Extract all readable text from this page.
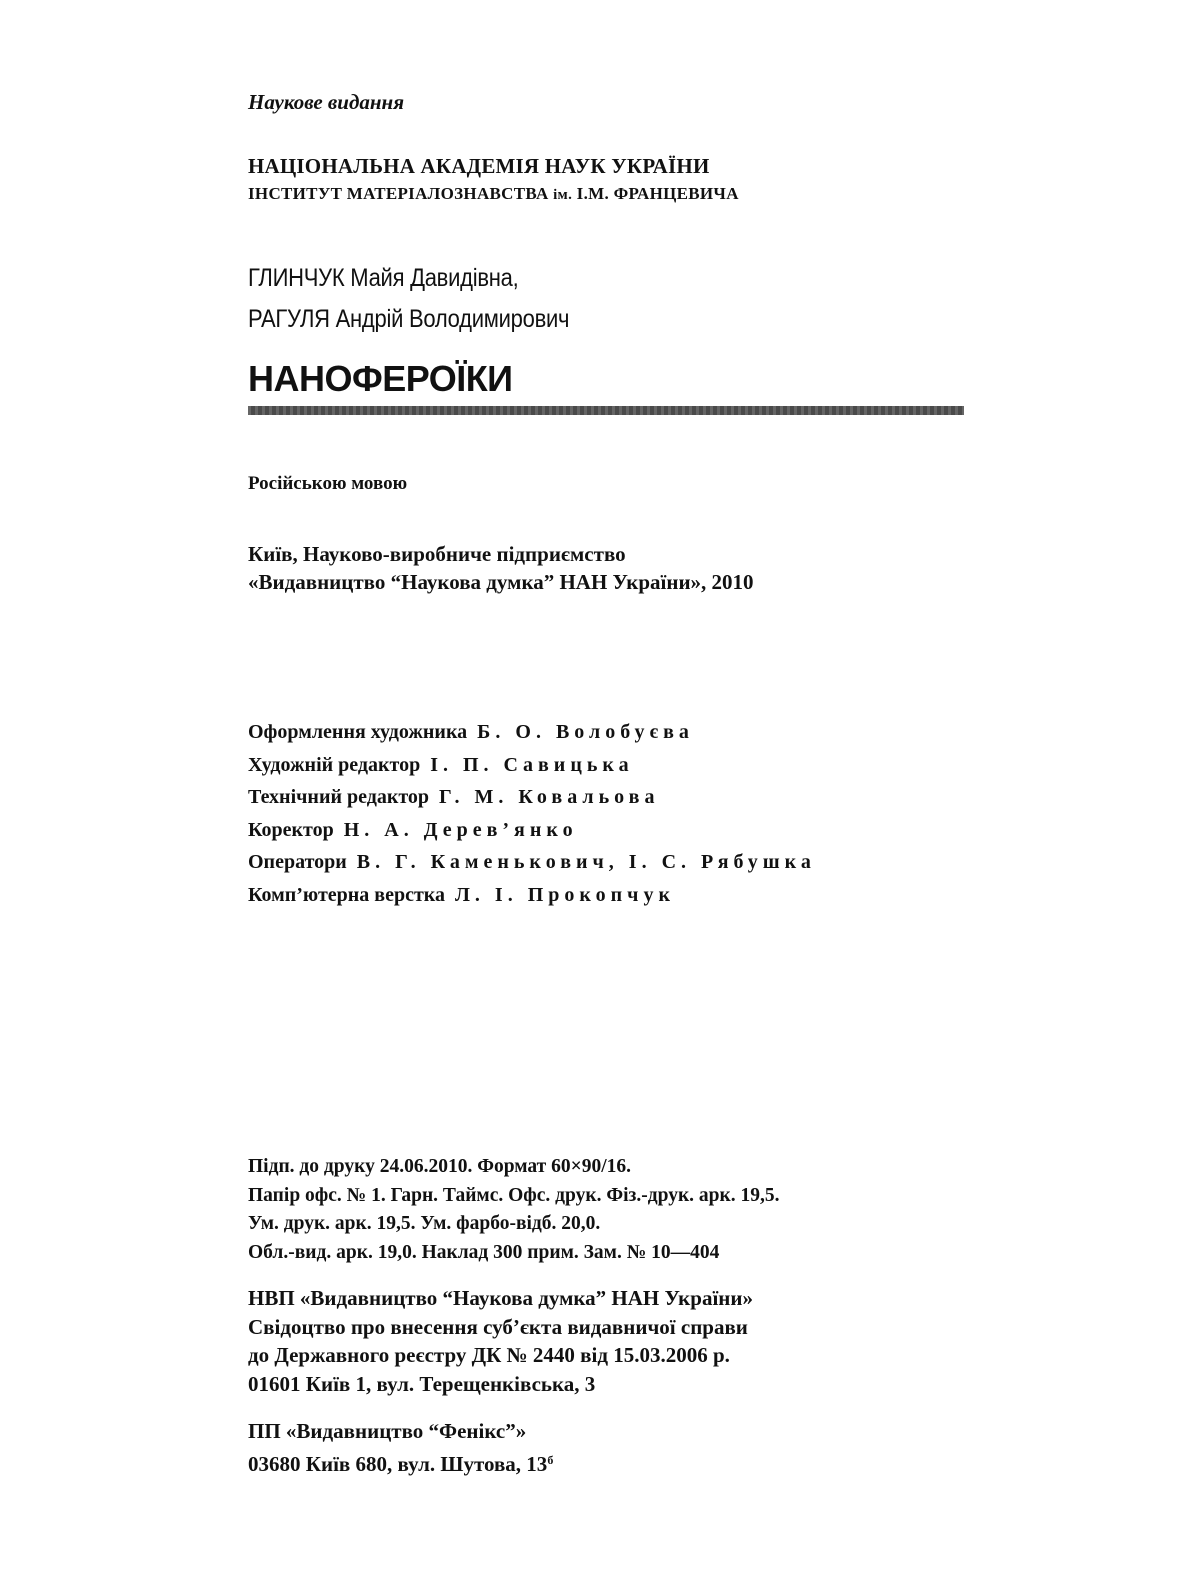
Наукове видання
НАЦІОНАЛЬНА АКАДЕМІЯ НАУК УКРАЇНИ
ІНСТИТУТ МАТЕРІАЛОЗНАВСТВА ім. І.М. ФРАНЦЕВИЧА
ГЛИНЧУК Майя Давидівна,
РАГУЛЯ Андрій Володимирович
НАНОФЕРОЇКИ
Російською мовою
Київ, Науково-виробниче підприємство
«Видавництво “Наукова думка” НАН України», 2010
Оформлення художника Б. О. Волобуєва
Художній редактор І. П. Савицька
Технічний редактор Г. М. Ковальова
Коректор Н. А. Дерев’янко
Оператори В. Г. Каменькович, І. С. Рябушка
Комп’ютерна верстка Л. І. Прокопчук
Підп. до друку 24.06.2010. Формат 60×90/16.
Папір офс. № 1. Гарн. Таймс. Офс. друк. Фіз.-друк. арк. 19,5.
Ум. друк. арк. 19,5. Ум. фарбо-відб. 20,0.
Обл.-вид. арк. 19,0. Наклад 300 прим. Зам. № 10—404
НВП «Видавництво “Наукова думка” НАН України»
Свідоцтво про внесення суб’єкта видавничої справи
до Державного реєстру ДК № 2440 від 15.03.2006 р.
01601 Київ 1, вул. Терещенківська, 3
ПП «Видавництво “Фенікс”»
03680 Київ 680, вул. Шутова, $13^б$
